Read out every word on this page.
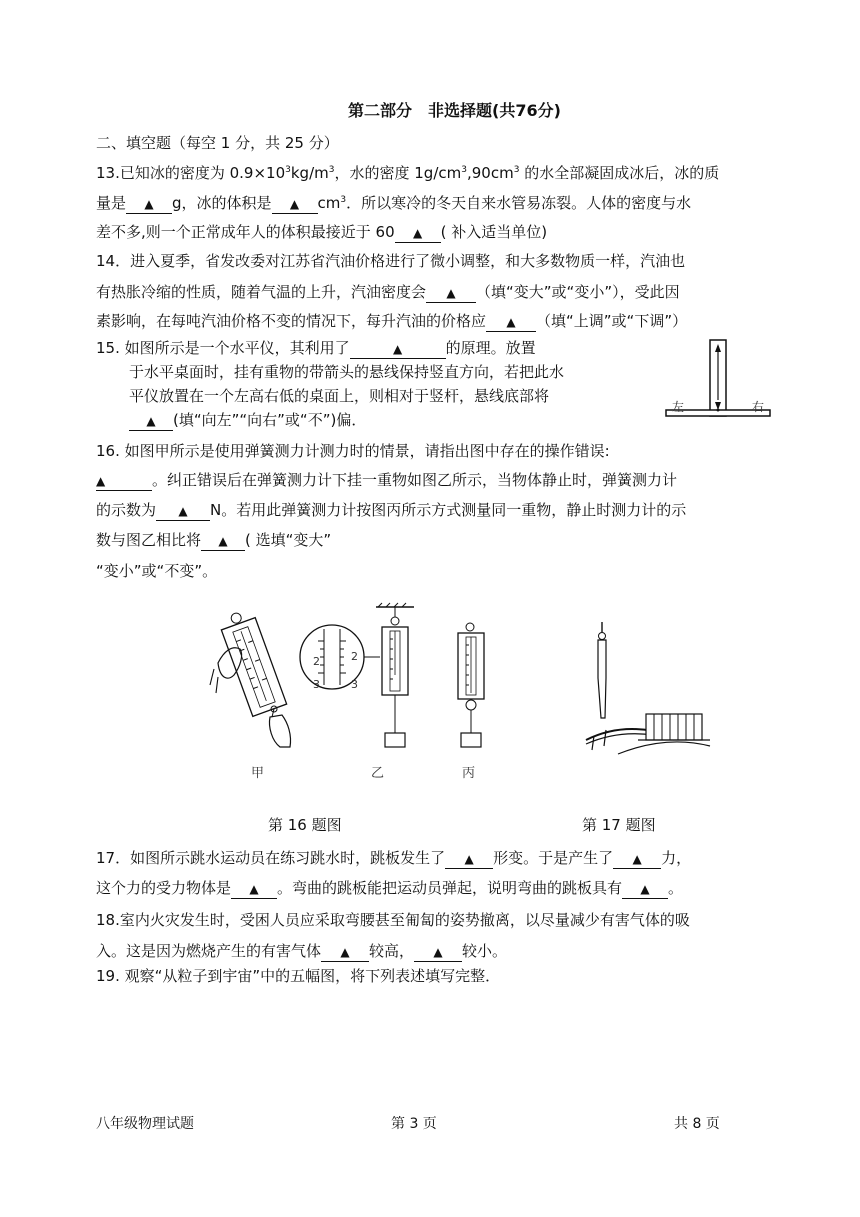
第二部分　非选择题(共76分)
二、填空题（每空 1 分，共 25 分）
13.已知冰的密度为 $0.9\times 10^3kg/m^3$，水的密度 $1g/cm^3,90cm^3$ 的水全部凝固成冰后，冰的质
量是 ▲ g，冰的体积是 ▲ $cm^3$．所以寒冷的冬天自来水管易冻裂。人体的密度与水
差不多,则一个正常成年人的体积最接近于 60 ▲ ( 补入适当单位)
14．进入夏季，省发改委对江苏省汽油价格进行了微小调整，和大多数物质一样，汽油也
有热胀冷缩的性质，随着气温的上升，汽油密度会 ▲ （填“变大”或“变小”），受此因
素影响，在每吨汽油价格不变的情况下，每升汽油的价格应 ▲ （填“上调”或“下调”）
15. 如图所示是一个水平仪，其利用了	▲	的原理。放置
于水平桌面时，挂有重物的带箭头的悬线保持竖直方向，若把此水
平仪放置在一个左高右低的桌面上，则相对于竖杆，悬线底部将
▲ (填“向左”“向右”或“不”)偏．
左	右
16. 如图甲所示是使用弹簧测力计测力时的情景，请指出图中存在的操作错误:
▲	。纠正错误后在弹簧测力计下挂一重物如图乙所示，当物体静止时，弹簧测力计
的示数为 ▲ N。若用此弹簧测力计按图丙所示方式测量同一重物，静止时测力计的示
数与图乙相比将 ▲ ( 选填“变大”
“变小”或“不变”。
2
3
2
3
甲	乙	丙
第 16 题图	第 17 题图
17．如图所示跳水运动员在练习跳水时，跳板发生了 ▲ 形变。于是产生了 ▲ 力，
这个力的受力物体是 ▲ 。弯曲的跳板能把运动员弹起，说明弯曲的跳板具有 ▲ 。
18.室内火灾发生时，受困人员应采取弯腰甚至匍匐的姿势撤离，以尽量减少有害气体的吸
入。这是因为燃烧产生的有害气体 ▲ 较高， ▲ 较小。
19. 观察“从粒子到宇宙”中的五幅图，将下列表述填写完整．
八年级物理试题	第 3 页	共 8 页
